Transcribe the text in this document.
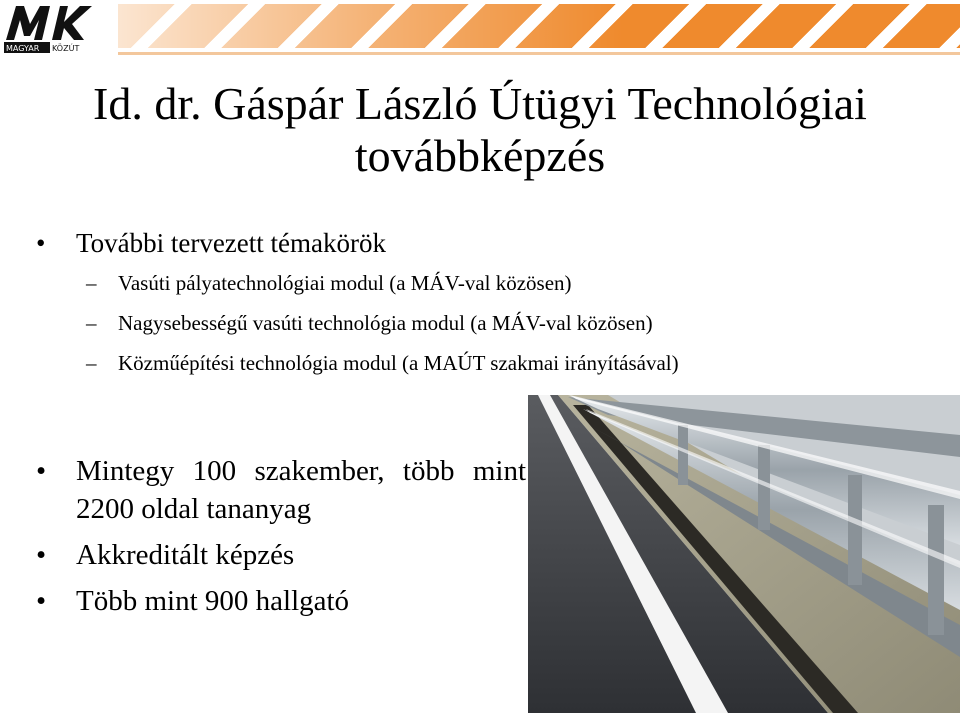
MAGYAR KÖZÚT
Id. dr. Gáspár László Útügyi Technológiai
továbbképzés
• További tervezett témakörök
– Vasúti pályatechnológiai modul (a MÁV-val közösen)
– Nagysebességű vasúti technológia modul (a MÁV-val közösen)
– Közműépítési technológia modul (a MAÚT szakmai irányításával)
• Mintegy 100 szakember, több mint 2200 oldal tananyag
• Akkreditált képzés
• Több mint 900 hallgató
